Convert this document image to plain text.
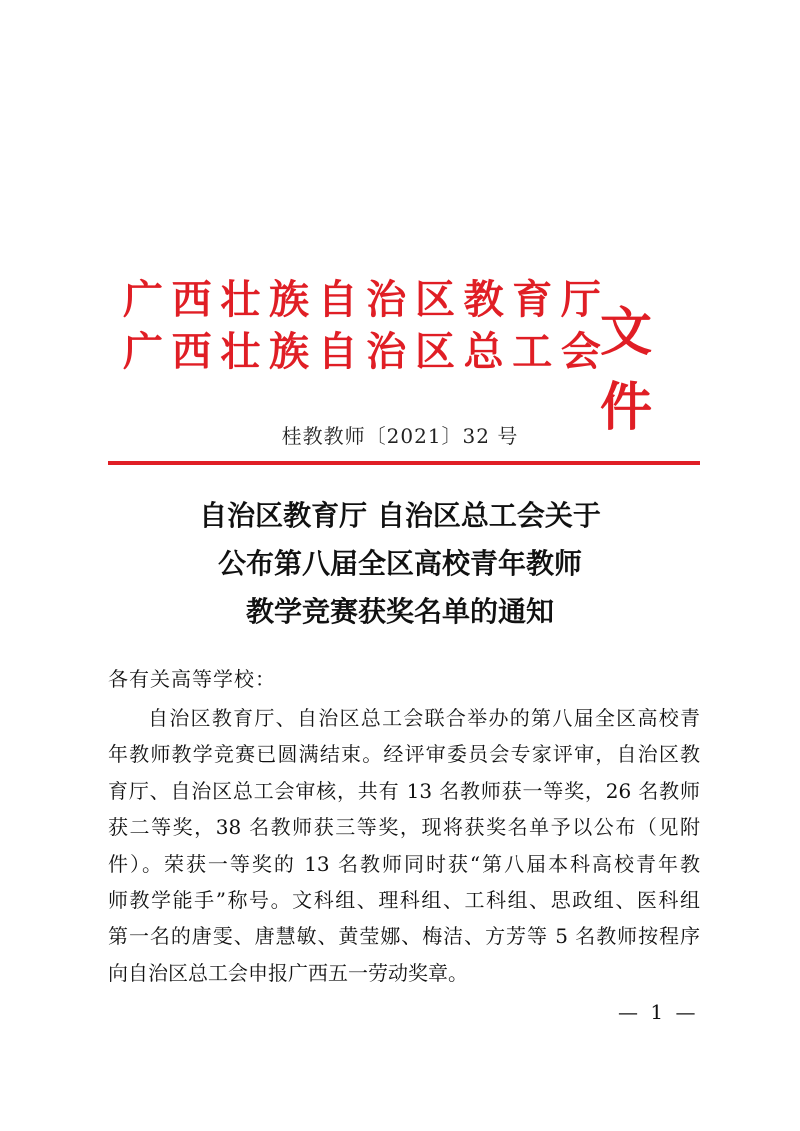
广 西 壮 族 自 治 区 教 育 厅
广 西 壮 族 自 治 区 总 工 会 文件
桂教教师〔2021〕32 号
自治区教育厅 自治区总工会关于
公布第八届全区高校青年教师
教学竞赛获奖名单的通知
各有关高等学校：
自治区教育厅、自治区总工会联合举办的第八届全区高校青
年教师教学竞赛已圆满结束。经评审委员会专家评审，自治区教
育厅、自治区总工会审核，共有 13 名教师获一等奖，26 名教师
获二等奖，38 名教师获三等奖，现将获奖名单予以公布（见附
件）。荣获一等奖的 13 名教师同时获“第八届本科高校青年教
师教学能手”称号。文科组、理科组、工科组、思政组、医科组
第一名的唐雯、唐慧敏、黄莹娜、梅洁、方芳等 5 名教师按程序
向自治区总工会申报广西五一劳动奖章。
— 1 —
